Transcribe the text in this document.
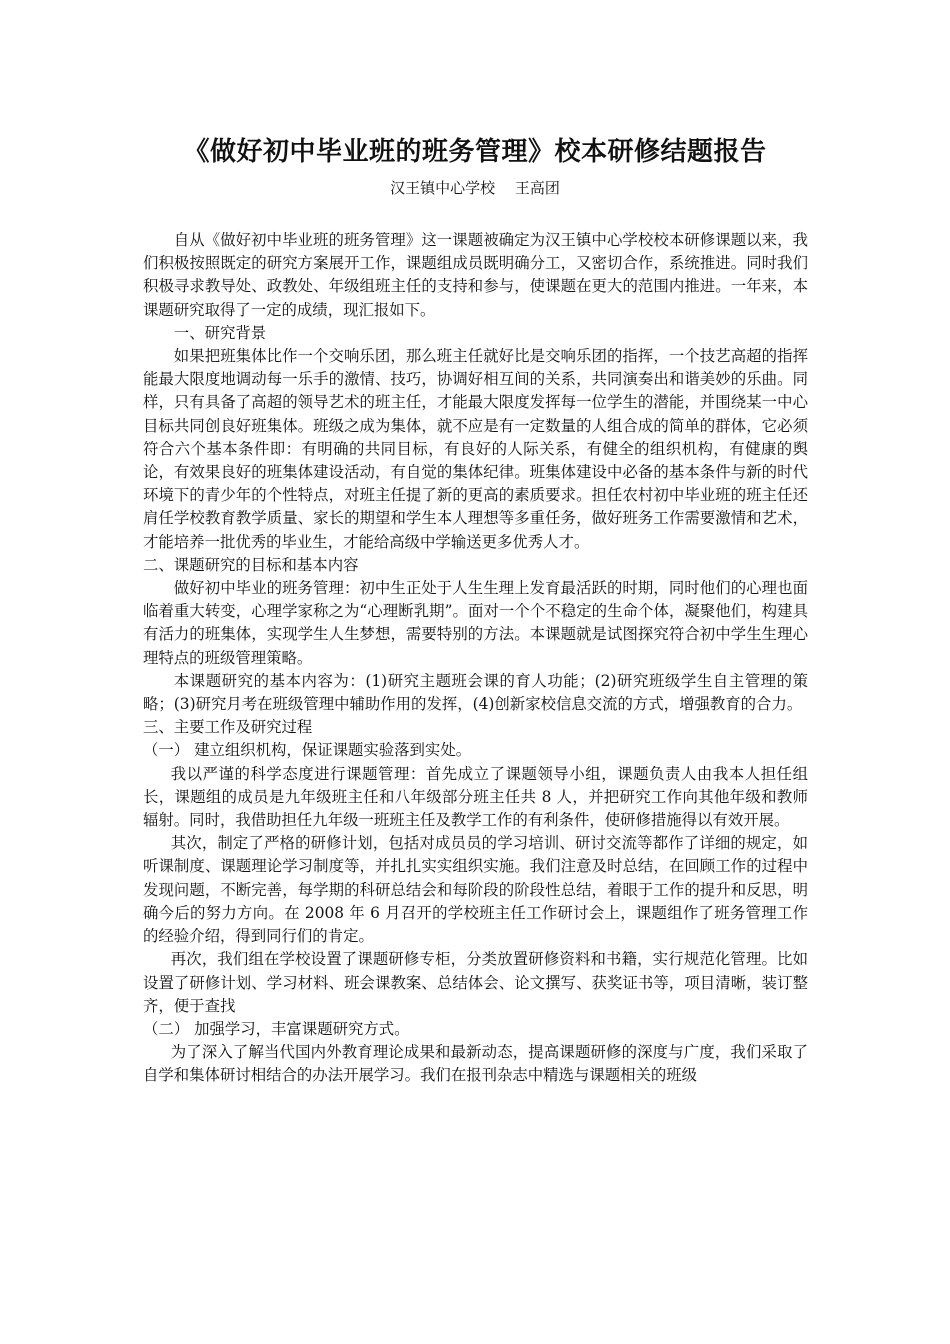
《做好初中毕业班的班务管理》校本研修结题报告
汉王镇中心学校　 王高团

自从《做好初中毕业班的班务管理》这一课题被确定为汉王镇中心学校校本研修课题以来，我们积极按照既定的研究方案展开工作，课题组成员既明确分工，又密切合作，系统推进。同时我们积极寻求教导处、政教处、年级组班主任的支持和参与，使课题在更大的范围内推进。一年来，本课题研究取得了一定的成绩，现汇报如下。

一、研究背景

如果把班集体比作一个交响乐团，那么班主任就好比是交响乐团的指挥，一个技艺高超的指挥能最大限度地调动每一乐手的激情、技巧，协调好相互间的关系，共同演奏出和谐美妙的乐曲。同样，只有具备了高超的领导艺术的班主任，才能最大限度发挥每一位学生的潜能，并围绕某一中心目标共同创良好班集体。班级之成为集体，就不应是有一定数量的人组合成的简单的群体，它必须符合六个基本条件即：有明确的共同目标，有良好的人际关系，有健全的组织机构，有健康的舆论，有效果良好的班集体建设活动，有自觉的集体纪律。班集体建设中必备的基本条件与新的时代环境下的青少年的个性特点，对班主任提了新的更高的素质要求。担任农村初中毕业班的班主任还肩任学校教育教学质量、家长的期望和学生本人理想等多重任务，做好班务工作需要激情和艺术，才能培养一批优秀的毕业生，才能给高级中学输送更多优秀人才。

二、课题研究的目标和基本内容

做好初中毕业的班务管理：初中生正处于人生生理上发育最活跃的时期，同时他们的心理也面临着重大转变，心理学家称之为“心理断乳期”。面对一个个不稳定的生命个体，凝聚他们，构建具有活力的班集体，实现学生人生梦想，需要特别的方法。本课题就是试图探究符合初中学生生理心理特点的班级管理策略。

本课题研究的基本内容为：(1)研究主题班会课的育人功能；(2)研究班级学生自主管理的策略；(3)研究月考在班级管理中辅助作用的发挥，(4)创新家校信息交流的方式，增强教育的合力。

三、主要工作及研究过程

（一） 建立组织机构，保证课题实验落到实处。

我以严谨的科学态度进行课题管理：首先成立了课题领导小组，课题负责人由我本人担任组长，课题组的成员是九年级班主任和八年级部分班主任共 8 人，并把研究工作向其他年级和教师辐射。同时，我借助担任九年级一班班主任及教学工作的有利条件，使研修措施得以有效开展。

其次，制定了严格的研修计划，包括对成员员的学习培训、研讨交流等都作了详细的规定，如听课制度、课题理论学习制度等，并扎扎实实组织实施。我们注意及时总结，在回顾工作的过程中发现问题，不断完善，每学期的科研总结会和每阶段的阶段性总结，着眼于工作的提升和反思，明确今后的努力方向。在 2008 年 6 月召开的学校班主任工作研讨会上，课题组作了班务管理工作的经验介绍，得到同行们的肯定。

再次，我们组在学校设置了课题研修专柜，分类放置研修资料和书籍，实行规范化管理。比如设置了研修计划、学习材料、班会课教案、总结体会、论文撰写、获奖证书等，项目清晰，装订整齐，便于查找

（二） 加强学习，丰富课题研究方式。

为了深入了解当代国内外教育理论成果和最新动态，提高课题研修的深度与广度，我们采取了自学和集体研讨相结合的办法开展学习。我们在报刊杂志中精选与课题相关的班级
